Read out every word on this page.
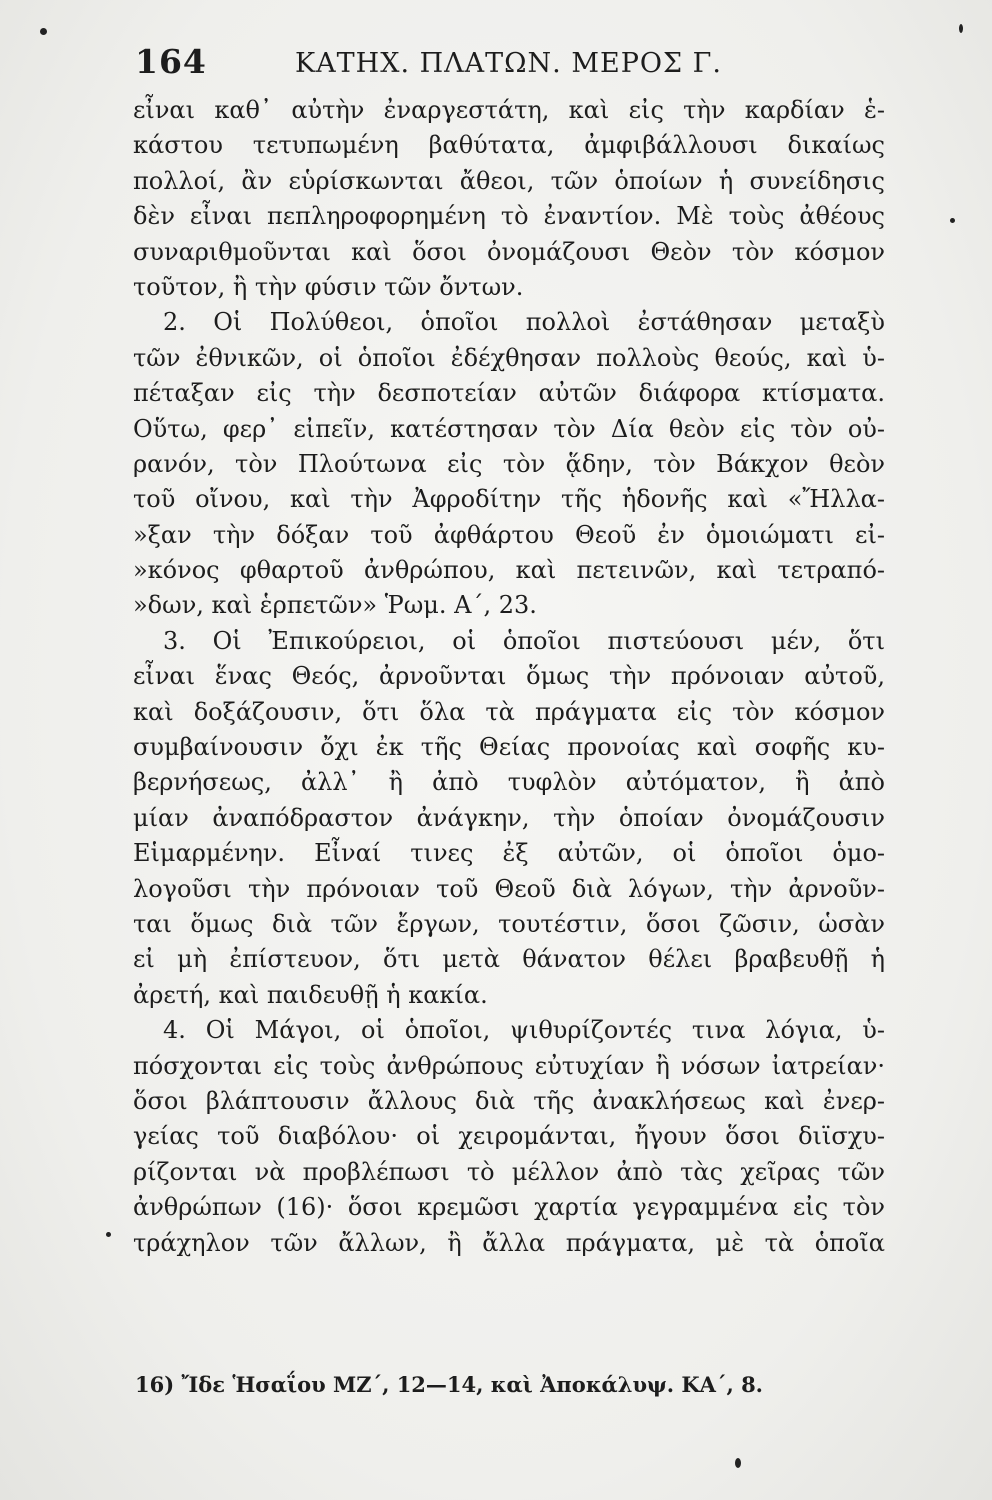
164	ΚΑΤΗΧ. ΠΛΑΤΩΝ. ΜΕΡΟΣ Γ.
εἶναι καθ᾽ αὐτὴν ἐναργεστάτη, καὶ εἰς τὴν καρδίαν ἑ-
κάστου τετυπωμένη βαθύτατα, ἀμφιβάλλουσι δικαίως
πολλοί, ἂν εὑρίσκωνται ἄθεοι, τῶν ὁποίων ἡ συνείδησις
δὲν εἶναι πεπληροφορημένη τὸ ἐναντίον. Μὲ τοὺς ἀθέους
συναριθμοῦνται καὶ ὅσοι ὀνομάζουσι Θεὸν τὸν κόσμον
τοῦτον, ἢ τὴν φύσιν τῶν ὄντων.
2. Οἱ Πολύθεοι, ὁποῖοι πολλοὶ ἐστάθησαν μεταξὺ
τῶν ἐθνικῶν, οἱ ὁποῖοι ἐδέχθησαν πολλοὺς θεούς, καὶ ὑ-
πέταξαν εἰς τὴν δεσποτείαν αὐτῶν διάφορα κτίσματα.
Οὕτω, φερ᾽ εἰπεῖν, κατέστησαν τὸν Δία θεὸν εἰς τὸν οὐ-
ρανόν, τὸν Πλούτωνα εἰς τὸν ᾅδην, τὸν Βάκχον θεὸν
τοῦ οἴνου, καὶ τὴν Ἀφροδίτην τῆς ἡδονῆς καὶ «Ἤλλα-
»ξαν τὴν δόξαν τοῦ ἀφθάρτου Θεοῦ ἐν ὁμοιώματι εἰ-
»κόνος φθαρτοῦ ἀνθρώπου, καὶ πετεινῶν, καὶ τετραπό-
»δων, καὶ ἑρπετῶν» Ῥωμ. Α´, 23.
3. Οἱ Ἐπικούρειοι, οἱ ὁποῖοι πιστεύουσι μέν, ὅτι
εἶναι ἕνας Θεός, ἀρνοῦνται ὅμως τὴν πρόνοιαν αὐτοῦ,
καὶ δοξάζουσιν, ὅτι ὅλα τὰ πράγματα εἰς τὸν κόσμον
συμβαίνουσιν ὄχι ἐκ τῆς Θείας προνοίας καὶ σοφῆς κυ-
βερνήσεως, ἀλλ᾽ ἢ ἀπὸ τυφλὸν αὐτόματον, ἢ ἀπὸ
μίαν ἀναπόδραστον ἀνάγκην, τὴν ὁποίαν ὀνομάζουσιν
Εἱμαρμένην. Εἶναί τινες ἐξ αὐτῶν, οἱ ὁποῖοι ὁμο-
λογοῦσι τὴν πρόνοιαν τοῦ Θεοῦ διὰ λόγων, τὴν ἀρνοῦν-
ται ὅμως διὰ τῶν ἔργων, τουτέστιν, ὅσοι ζῶσιν, ὡσὰν
εἰ μὴ ἐπίστευον, ὅτι μετὰ θάνατον θέλει βραβευθῇ ἡ
ἀρετή, καὶ παιδευθῇ ἡ κακία.
4. Οἱ Μάγοι, οἱ ὁποῖοι, ψιθυρίζοντές τινα λόγια, ὑ-
πόσχονται εἰς τοὺς ἀνθρώπους εὐτυχίαν ἢ νόσων ἰατρείαν·
ὅσοι βλάπτουσιν ἄλλους διὰ τῆς ἀνακλήσεως καὶ ἐνερ-
γείας τοῦ διαβόλου· οἱ χειρομάνται, ἤγουν ὅσοι διϊσχυ-
ρίζονται νὰ προβλέπωσι τὸ μέλλον ἀπὸ τὰς χεῖρας τῶν
ἀνθρώπων (16)· ὅσοι κρεμῶσι χαρτία γεγραμμένα εἰς τὸν
τράχηλον τῶν ἄλλων, ἢ ἄλλα πράγματα, μὲ τὰ ὁποῖα
16) Ἴδε Ἡσαΐου ΜΖ´, 12—14, καὶ Ἀποκάλυψ. ΚΑ´, 8.
